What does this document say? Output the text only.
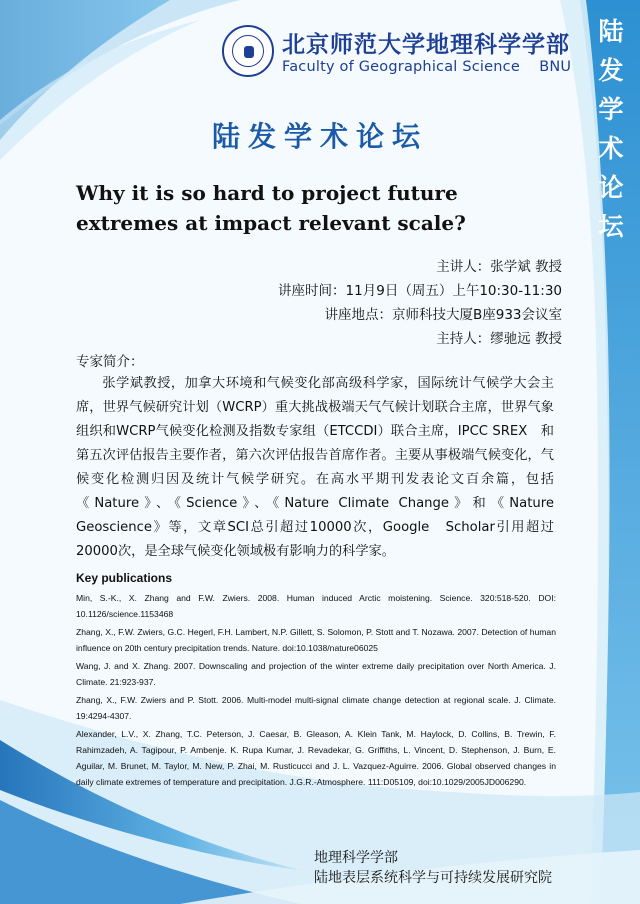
北京师范大学地理科学学部
Faculty of Geographical Science    BNU 陆发学术论坛
陆发学术论坛
Why it is so hard to project future extremes at impact relevant scale?
主讲人：张学斌 教授
讲座时间：11月9日（周五）上午10:30-11:30
讲座地点：京师科技大厦B座933会议室
主持人：缪驰远 教授
专家简介：
张学斌教授，加拿大环境和气候变化部高级科学家，国际统计气候学大会主席，世界气候研究计划（WCRP）重大挑战极端天气气候计划联合主席，世界气象组织和WCRP气候变化检测及指数专家组（ETCCDI）联合主席，IPCC SREX　和第五次评估报告主要作者，第六次评估报告首席作者。主要从事极端气候变化，气候变化检测归因及统计气候学研究。在高水平期刊发表论文百余篇，包括《Nature》、《Science》、《Nature Climate Change》和《Nature Geoscience》等，文章SCI总引超过10000次，Google　Scholar引用超过20000次，是全球气候变化领域极有影响力的科学家。
Key publications
Min, S.-K., X. Zhang and F.W. Zwiers. 2008. Human induced Arctic moistening. Science. 320:518-520. DOI: 10.1126/science.1153468
Zhang, X., F.W. Zwiers, G.C. Hegerl, F.H. Lambert, N.P. Gillett, S. Solomon, P. Stott and T. Nozawa. 2007. Detection of human influence on 20th century precipitation trends. Nature. doi:10.1038/nature06025
Wang, J. and X. Zhang. 2007. Downscaling and projection of the winter extreme daily precipitation over North America. J. Climate. 21:923-937.
Zhang, X., F.W. Zwiers and P. Stott. 2006. Multi-model multi-signal climate change detection at regional scale. J. Climate. 19:4294-4307.
Alexander, L.V., X. Zhang, T.C. Peterson, J. Caesar, B. Gleason, A. Klein Tank, M. Haylock, D. Collins, B. Trewin, F. Rahimzadeh, A. Tagipour, P. Ambenje. K. Rupa Kumar, J. Revadekar, G. Griffiths, L. Vincent, D. Stephenson, J. Burn, E. Aguilar, M. Brunet, M. Taylor, M. New, P. Zhai, M. Rusticucci and J. L. Vazquez-Aguirre. 2006. Global observed changes in daily climate extremes of temperature and precipitation. J.G.R.-Atmosphere. 111:D05109, doi:10.1029/2005JD006290.
地理科学学部
陆地表层系统科学与可持续发展研究院
